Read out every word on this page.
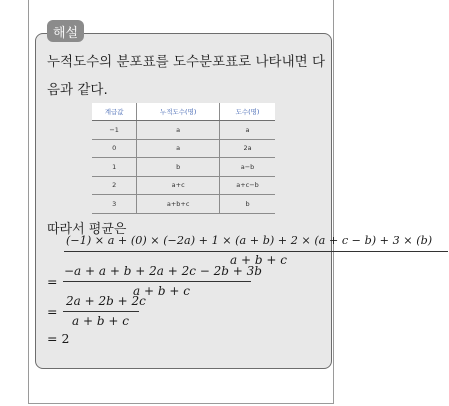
해설
누적도수의 분포표를 도수분포표로 나타내면 다음과 같다.
계급값	누적도수(명)	도수(명)
−1	a	a
0	a	2a
1	b	a−b
2	a+c	a+c−b
3	a+b+c	b
따라서 평균은
(−1) × a + (0) × (−2a) + 1 × (a + b) + 2 × (a + c − b) + 3 × (b)
a + b + c
=
−a + a + b + 2a + 2c − 2b + 3b
a + b + c
=
2a + 2b + 2c
a + b + c
= 2
